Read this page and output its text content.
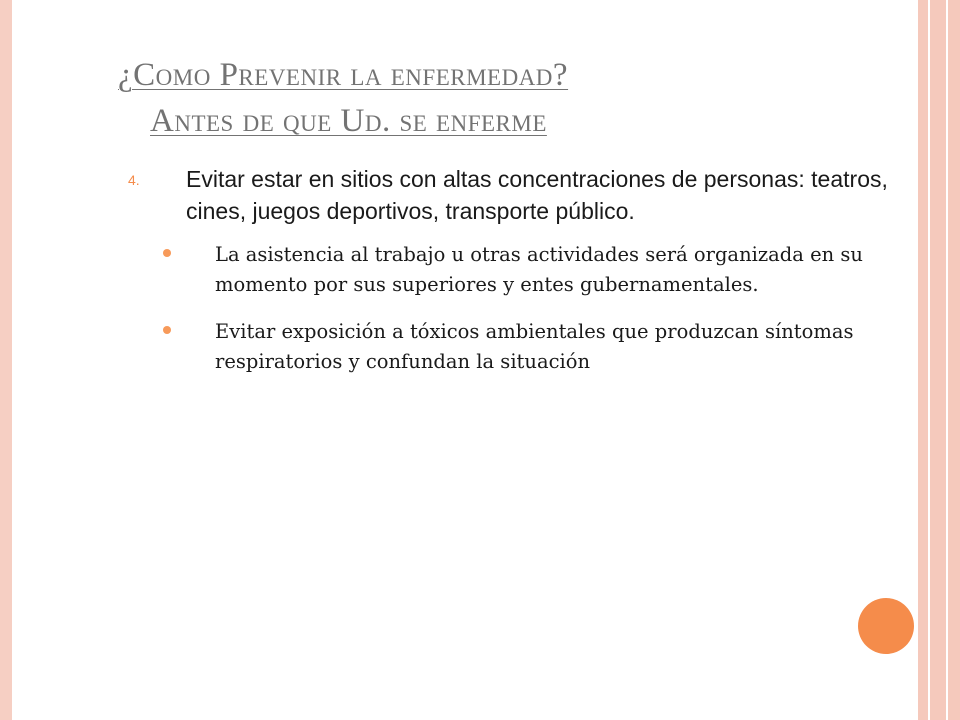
¿Como Prevenir la enfermedad?
Antes de que Ud. se enferme
4. Evitar estar en sitios con altas concentraciones de personas: teatros, cines, juegos deportivos, transporte público.
La asistencia al trabajo u otras actividades será organizada en su momento por sus superiores y entes gubernamentales.
Evitar exposición a tóxicos ambientales que produzcan síntomas respiratorios y confundan la situación
